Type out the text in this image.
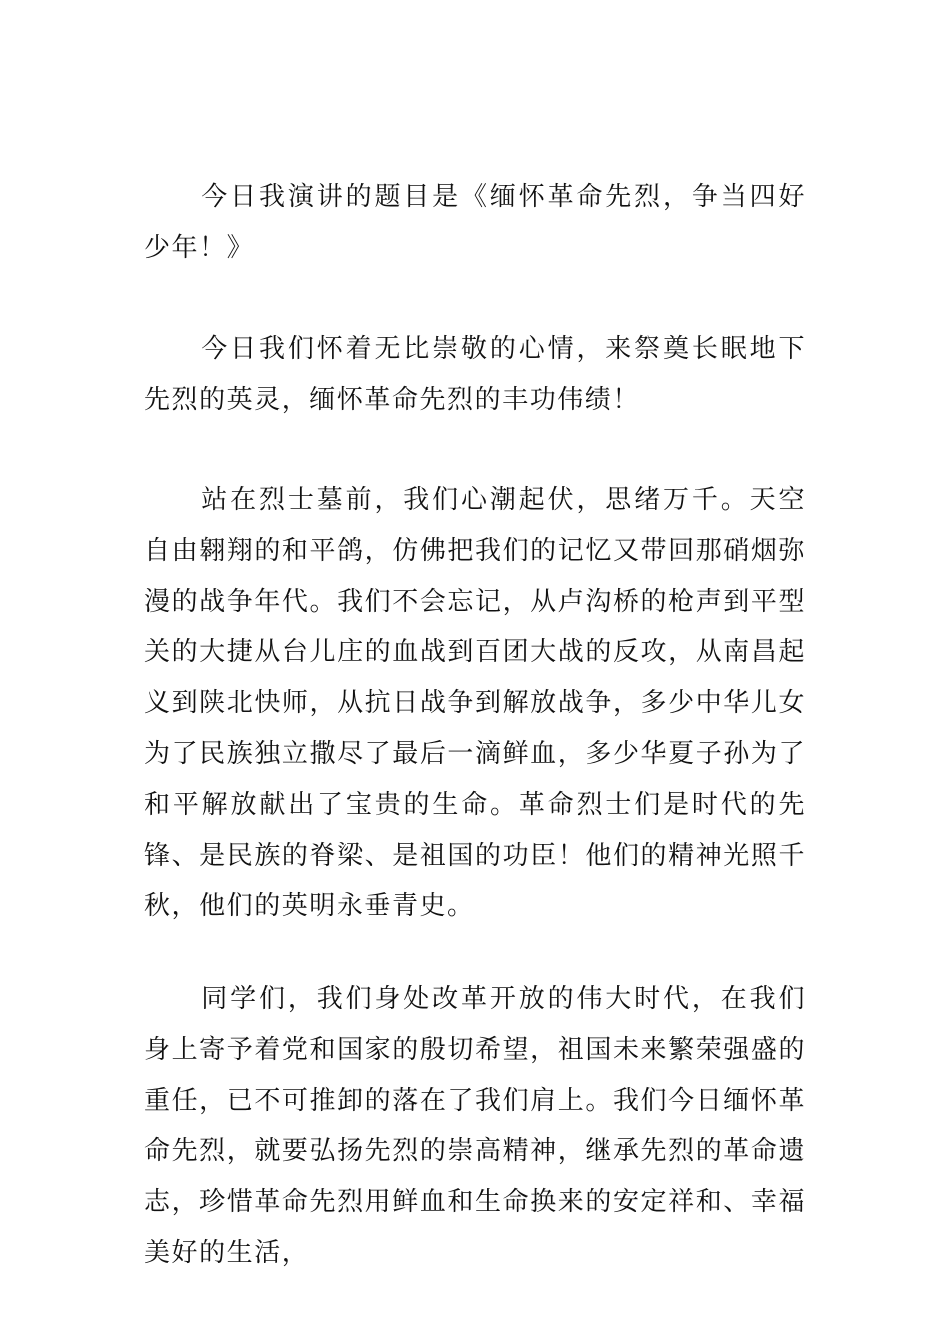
今日我演讲的题目是《缅怀革命先烈，争当四好少年！》

今日我们怀着无比崇敬的心情，来祭奠长眠地下先烈的英灵，缅怀革命先烈的丰功伟绩！

站在烈士墓前，我们心潮起伏，思绪万千。天空自由翱翔的和平鸽，仿佛把我们的记忆又带回那硝烟弥漫的战争年代。我们不会忘记，从卢沟桥的枪声到平型关的大捷从台儿庄的血战到百团大战的反攻，从南昌起义到陕北快师，从抗日战争到解放战争，多少中华儿女为了民族独立撒尽了最后一滴鲜血，多少华夏子孙为了和平解放献出了宝贵的生命。革命烈士们是时代的先锋、是民族的脊梁、是祖国的功臣！他们的精神光照千秋，他们的英明永垂青史。

同学们，我们身处改革开放的伟大时代，在我们身上寄予着党和国家的殷切希望，祖国未来繁荣强盛的重任，已不可推卸的落在了我们肩上。我们今日缅怀革命先烈，就要弘扬先烈的崇高精神，继承先烈的革命遗志，珍惜革命先烈用鲜血和生命换来的安定祥和、幸福美好的生活，
